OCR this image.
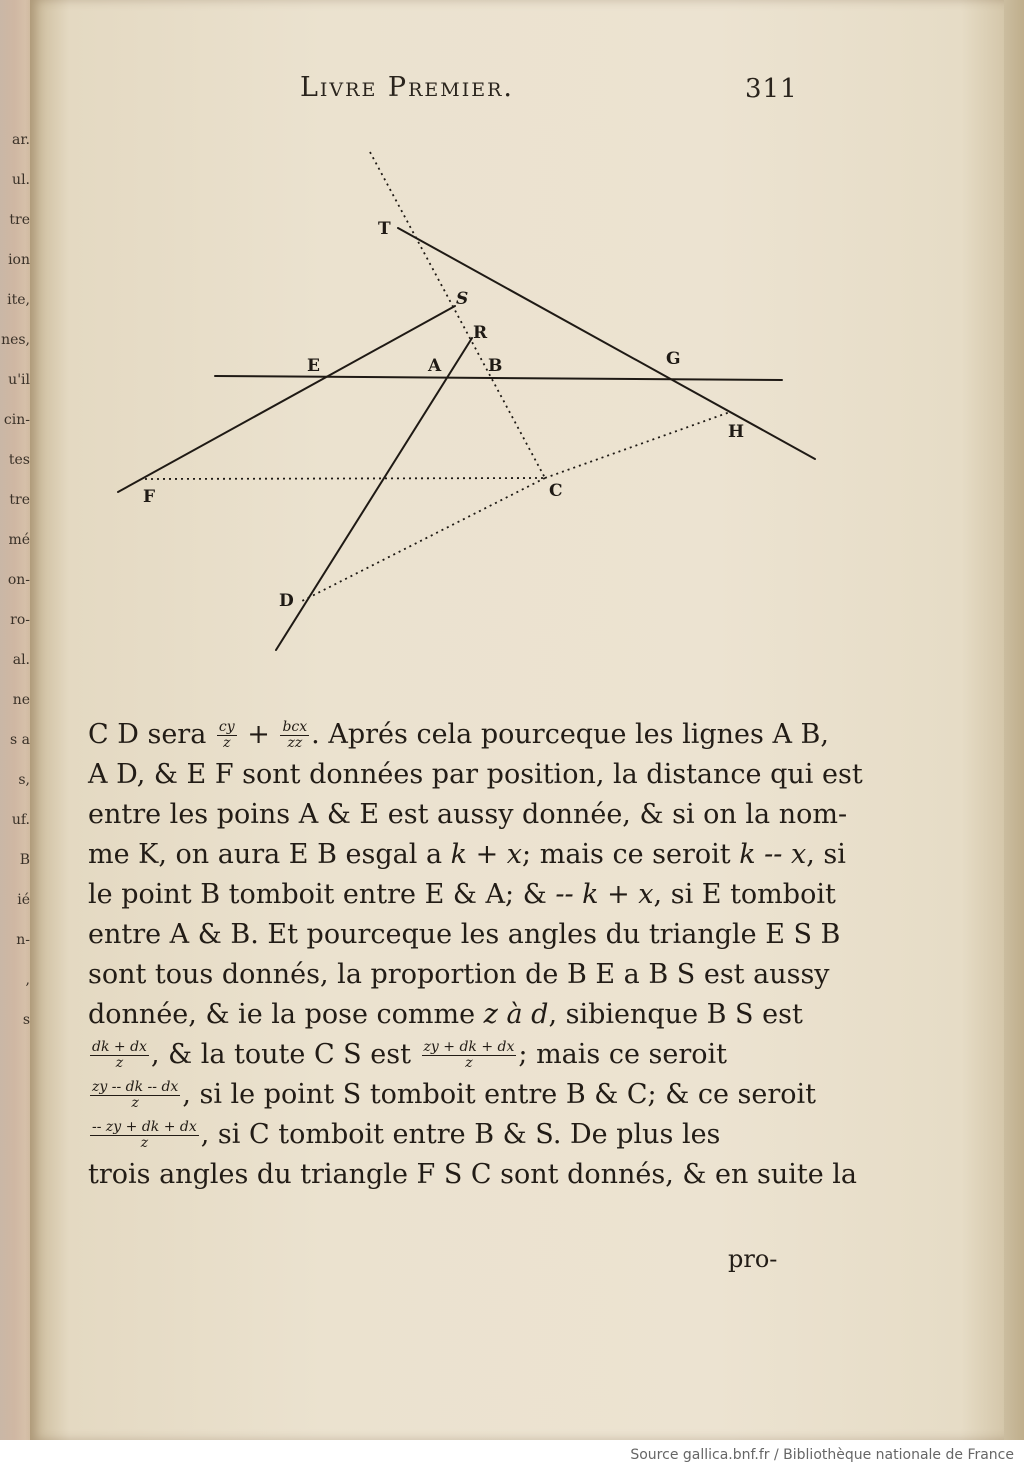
ar.
ul.
tre
ion
ite,
nes,
u'il
cin-
tes
tre
mé
on-
ro-
al.
ne
s a
s,
uf.
B
ié
n-
,
s
Livre Premier.	311
T
S
R
E	A	B	G
H
F	C
D
C D sera $\frac{cy}{z} + \frac{\text{bcx}}{zz}$ . Aprés cela pourceque les lignes A B,
A D, & E F sont données par position, la distance qui est
entre les poins A & E est aussy donnée, & si on la nom-
me K, on aura E B esgal a k + x; mais ce seroit k -- x, si
le point B tomboit entre E & A; & -- k + x, si E tomboit
entre A & B. Et pourceque les angles du triangle E S B
sont tous donnés, la proportion de B E a B S est aussy
donnée, & ie la pose comme z à d, sibienque B S est
$\frac{dk + dx}{z}$ , & la toute C S est $\frac{zy + dk + dx}{z}$ ; mais ce seroit
$\frac{zy -- dk -- dx}{z}$ , si le point S tomboit entre B & C; & ce seroit
$\frac{-- zy + dk + dx}{z}$ , si C tomboit entre B & S. De plus les
trois angles du triangle F S C sont donnés, & en suite la
pro-
Source gallica.bnf.fr / Bibliothèque nationale de France
